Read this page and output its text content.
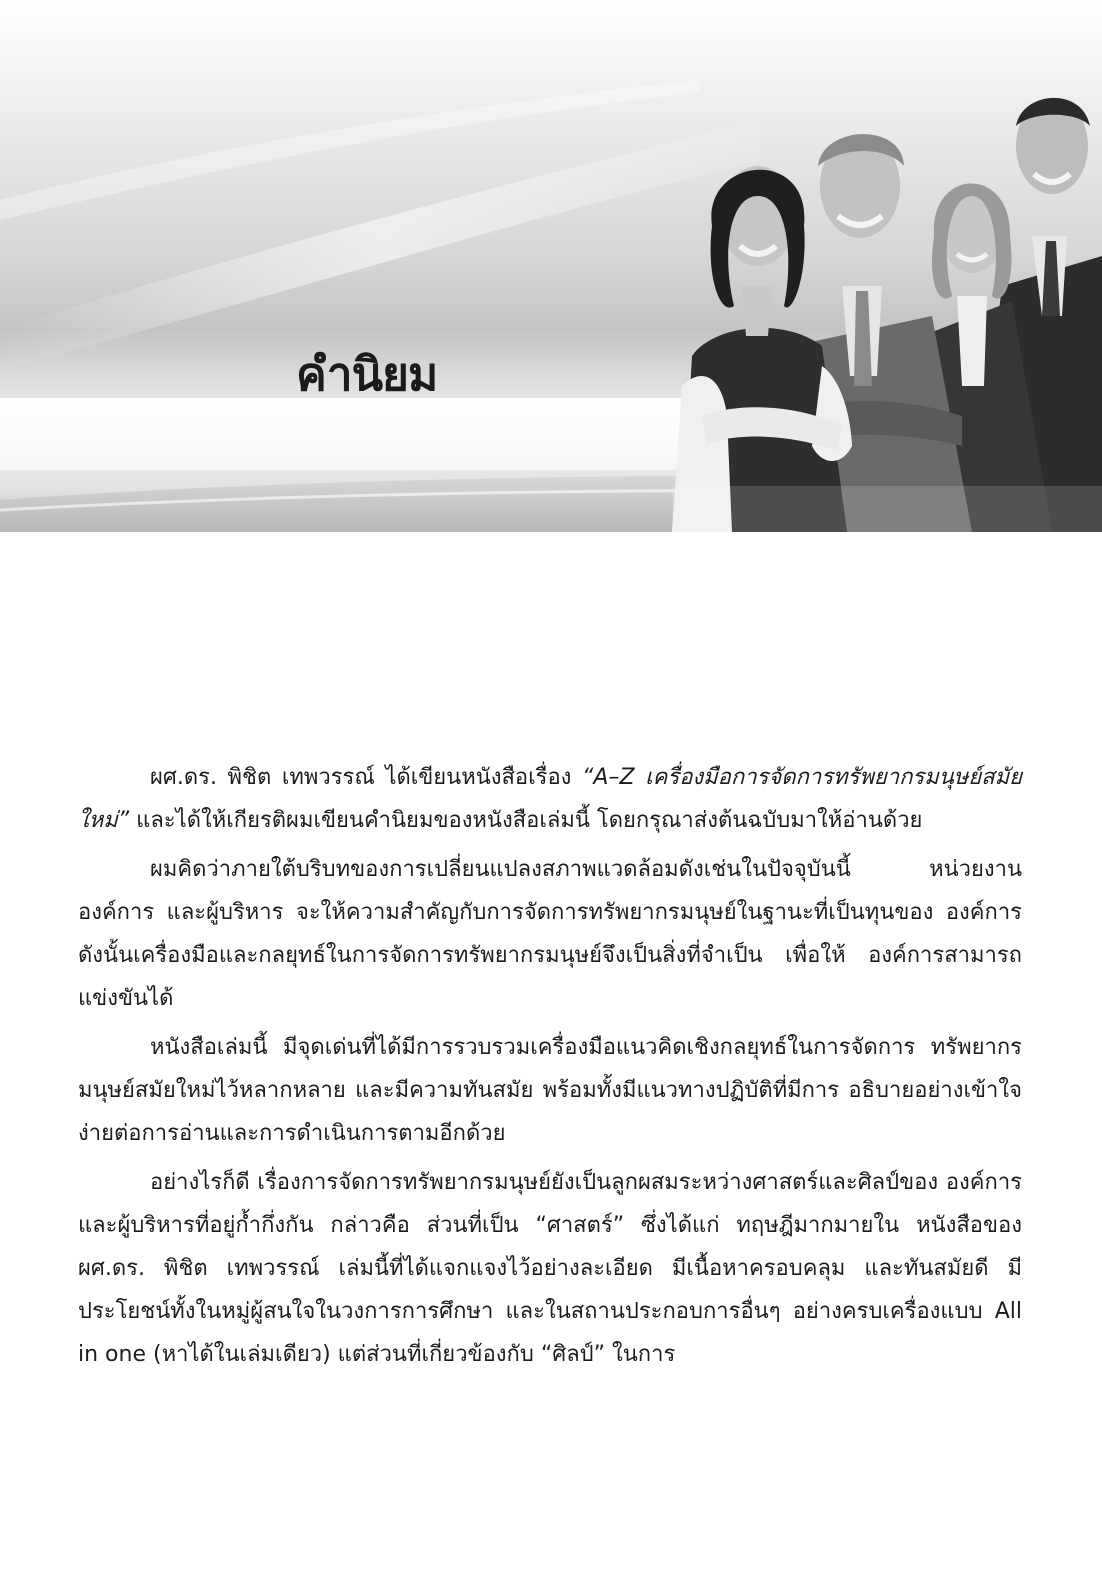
คำนิยม

ผศ.ดร. พิชิต เทพวรรณ์ ได้เขียนหนังสือเรื่อง “A–Z เครื่องมือการจัดการทรัพยากรมนุษย์สมัยใหม่” และได้ให้เกียรติผมเขียนคำนิยมของหนังสือเล่มนี้ โดยกรุณาส่งต้นฉบับมาให้อ่านด้วย

ผมคิดว่าภายใต้บริบทของการเปลี่ยนแปลงสภาพแวดล้อมดังเช่นในปัจจุบันนี้ หน่วยงาน องค์การ และผู้บริหาร จะให้ความสำคัญกับการจัดการทรัพยากรมนุษย์ในฐานะที่เป็นทุนของ องค์การ ดังนั้นเครื่องมือและกลยุทธ์ในการจัดการทรัพยากรมนุษย์จึงเป็นสิ่งที่จำเป็น เพื่อให้ องค์การสามารถแข่งขันได้

หนังสือเล่มนี้ มีจุดเด่นที่ได้มีการรวบรวมเครื่องมือแนวคิดเชิงกลยุทธ์ในการจัดการ ทรัพยากรมนุษย์สมัยใหม่ไว้หลากหลาย และมีความทันสมัย พร้อมทั้งมีแนวทางปฏิบัติที่มีการ อธิบายอย่างเข้าใจ ง่ายต่อการอ่านและการดำเนินการตามอีกด้วย

อย่างไรก็ดี เรื่องการจัดการทรัพยากรมนุษย์ยังเป็นลูกผสมระหว่างศาสตร์และศิลป์ของ องค์การและผู้บริหารที่อยู่ก้ำกึ่งกัน กล่าวคือ ส่วนที่เป็น “ศาสตร์” ซึ่งได้แก่ ทฤษฎีมากมายใน หนังสือของ ผศ.ดร. พิชิต เทพวรรณ์ เล่มนี้ที่ได้แจกแจงไว้อย่างละเอียด มีเนื้อหาครอบคลุม และทันสมัยดี มีประโยชน์ทั้งในหมู่ผู้สนใจในวงการการศึกษา และในสถานประกอบการอื่นๆ อย่างครบเครื่องแบบ All in one (หาได้ในเล่มเดียว) แต่ส่วนที่เกี่ยวข้องกับ “ศิลป์” ในการ
